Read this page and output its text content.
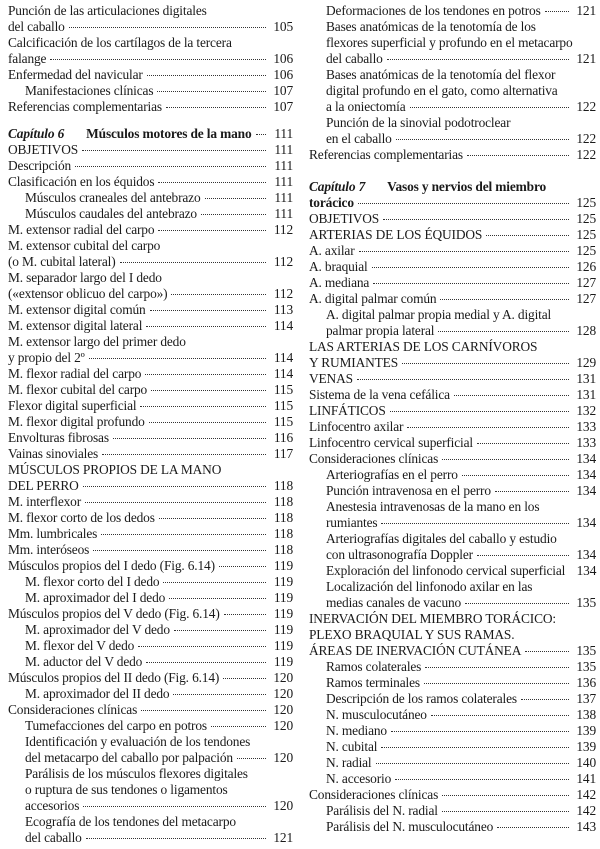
Punción de las articulaciones digitales
del caballo	105
Calcificación de los cartílagos de la tercera
falange	106
Enfermedad del navicular	106
Manifestaciones clínicas	107
Referencias complementarias	107
Capítulo 6 Músculos motores de la mano 111
OBJETIVOS	111
Descripción	111
Clasificación en los équidos	111
Músculos craneales del antebrazo	111
Músculos caudales del antebrazo	111
M. extensor radial del carpo	112
M. extensor cubital del carpo
(o M. cubital lateral)	112
M. separador largo del I dedo
(«extensor oblicuo del carpo»)	112
M. extensor digital común	113
M. extensor digital lateral	114
M. extensor largo del primer dedo
y propio del 2º	114
M. flexor radial del carpo	114
M. flexor cubital del carpo	115
Flexor digital superficial	115
M. flexor digital profundo	115
Envolturas fibrosas	116
Vainas sinoviales	117
MÚSCULOS PROPIOS DE LA MANO
DEL PERRO	118
M. interflexor	118
M. flexor corto de los dedos	118
Mm. lumbricales	118
Mm. interóseos	118
Músculos propios del I dedo (Fig. 6.14)	119
M. flexor corto del I dedo	119
M. aproximador del I dedo	119
Músculos propios del V dedo (Fig. 6.14)	119
M. aproximador del V dedo	119
M. flexor del V dedo	119
M. aductor del V dedo	119
Músculos propios del II dedo (Fig. 6.14)	120
M. aproximador del II dedo	120
Consideraciones clínicas	120
Tumefacciones del carpo en potros	120
Identificación y evaluación de los tendones
del metacarpo del caballo por palpación	120
Parálisis de los músculos flexores digitales
o ruptura de sus tendones o ligamentos
accesorios	120
Ecografía de los tendones del metacarpo
del caballo	121
Deformaciones de los tendones en potros	121
Bases anatómicas de la tenotomía de los
flexores superficial y profundo en el metacarpo
del caballo	121
Bases anatómicas de la tenotomía del flexor
digital profundo en el gato, como alternativa
a la oniectomía	122
Punción de la sinovial podotroclear
en el caballo	122
Referencias complementarias	122
Capítulo 7 Vasos y nervios del miembro
torácico	125
OBJETIVOS	125
ARTERIAS DE LOS ÉQUIDOS	125
A. axilar	125
A. braquial	126
A. mediana	127
A. digital palmar común	127
A. digital palmar propia medial y A. digital
palmar propia lateral	128
LAS ARTERIAS DE LOS CARNÍVOROS
Y RUMIANTES	129
VENAS	131
Sistema de la vena cefálica	131
LINFÁTICOS	132
Linfocentro axilar	133
Linfocentro cervical superficial	133
Consideraciones clínicas	134
Arteriografías en el perro	134
Punción intravenosa en el perro	134
Anestesia intravenosas de la mano en los
rumiantes	134
Arteriografías digitales del caballo y estudio
con ultrasonografía Doppler	134
Exploración del linfonodo cervical superficial 134
Localización del linfonodo axilar en las
medias canales de vacuno	135
INERVACIÓN DEL MIEMBRO TORÁCICO:
PLEXO BRAQUIAL Y SUS RAMAS.
ÁREAS DE INERVACIÓN CUTÁNEA	135
Ramos colaterales	135
Ramos terminales	136
Descripción de los ramos colaterales	137
N. musculocutáneo	138
N. mediano	139
N. cubital	139
N. radial	140
N. accesorio	141
Consideraciones clínicas	142
Parálisis del N. radial	142
Parálisis del N. musculocutáneo	143
